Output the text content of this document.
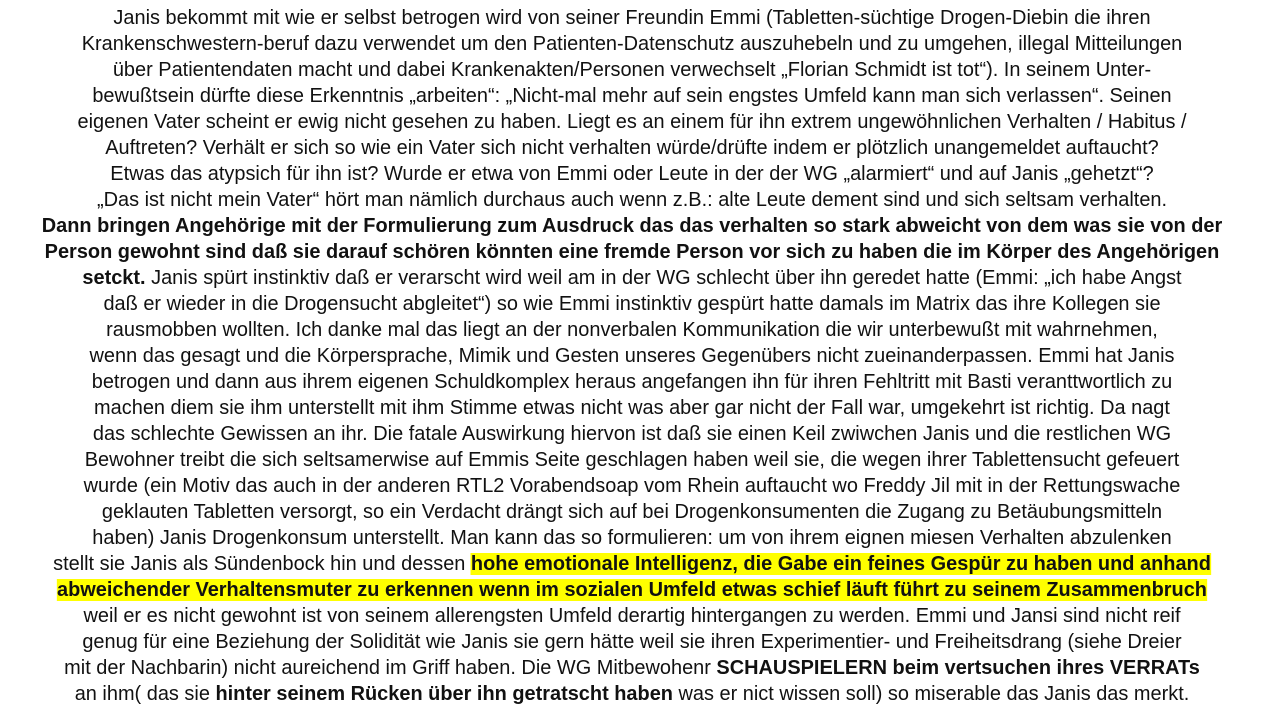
Janis bekommt mit wie er selbst betrogen wird von seiner Freundin Emmi (Tabletten-süchtige Drogen-Diebin die ihren
Krankenschwestern-beruf dazu verwendet um den Patienten-Datenschutz auszuhebeln und zu umgehen, illegal Mitteilungen
über Patientendaten macht und dabei Krankenakten/Personen verwechselt „Florian Schmidt ist tot“). In seinem Unter-
bewußtsein dürfte diese Erkenntnis „arbeiten“: „Nicht-mal mehr auf sein engstes Umfeld kann man sich verlassen“. Seinen
eigenen Vater scheint er ewig nicht gesehen zu haben. Liegt es an einem für ihn extrem ungewöhnlichen Verhalten / Habitus /
Auftreten? Verhält er sich so wie ein Vater sich nicht verhalten würde/drüfte indem er plötzlich unangemeldet auftaucht?
Etwas das atypsich für ihn ist? Wurde er etwa von Emmi oder Leute in der der WG „alarmiert“ und auf Janis „gehetzt“?
„Das ist nicht mein Vater“ hört man nämlich durchaus auch wenn z.B.: alte Leute dement sind und sich seltsam verhalten.
Dann bringen Angehörige mit der Formulierung zum Ausdruck das das verhalten so stark abweicht von dem was sie von der
Person gewohnt sind daß sie darauf schören könnten eine fremde Person vor sich zu haben die im Körper des Angehörigen
setckt. Janis spürt instinktiv daß er verarscht wird weil am in der WG schlecht über ihn geredet hatte (Emmi: „ich habe Angst
daß er wieder in die Drogensucht abgleitet“) so wie Emmi instinktiv gespürt hatte damals im Matrix das ihre Kollegen sie
rausmobben wollten. Ich danke mal das liegt an der nonverbalen Kommunikation die wir unterbewußt mit wahrnehmen,
wenn das gesagt und die Körpersprache, Mimik und Gesten unseres Gegenübers nicht zueinanderpassen. Emmi hat Janis
betrogen und dann aus ihrem eigenen Schuldkomplex heraus angefangen ihn für ihren Fehltritt mit Basti veranttwortlich zu
machen diem sie ihm unterstellt mit ihm Stimme etwas nicht was aber gar nicht der Fall war, umgekehrt ist richtig. Da nagt
das schlechte Gewissen an ihr. Die fatale Auswirkung hiervon ist daß sie einen Keil zwiwchen Janis und die restlichen WG
Bewohner treibt die sich seltsamerwise auf Emmis Seite geschlagen haben weil sie, die wegen ihrer Tablettensucht gefeuert
wurde (ein Motiv das auch in der anderen RTL2 Vorabendsoap vom Rhein auftaucht wo Freddy Jil mit in der Rettungswache
geklauten Tabletten versorgt, so ein Verdacht drängt sich auf bei Drogenkonsumenten die Zugang zu Betäubungsmitteln
haben) Janis Drogenkonsum unterstellt. Man kann das so formulieren: um von ihrem eignen miesen Verhalten abzulenken
stellt sie Janis als Sündenbock hin und dessen hohe emotionale Intelligenz, die Gabe ein feines Gespür zu haben und anhand
abweichender Verhaltensmuter zu erkennen wenn im sozialen Umfeld etwas schief läuft führt zu seinem Zusammenbruch
weil er es nicht gewohnt ist von seinem allerengsten Umfeld derartig hintergangen zu werden. Emmi und Jansi sind nicht reif
genug für eine Beziehung der Solidität wie Janis sie gern hätte weil sie ihren Experimentier- und Freiheitsdrang (siehe Dreier
mit der Nachbarin) nicht aureichend im Griff haben. Die WG Mitbewohenr SCHAUSPIELERN beim vertsuchen ihres VERRATs
an ihm( das sie hinter seinem Rücken über ihn getratscht haben was er nict wissen soll) so miserable das Janis das merkt.
